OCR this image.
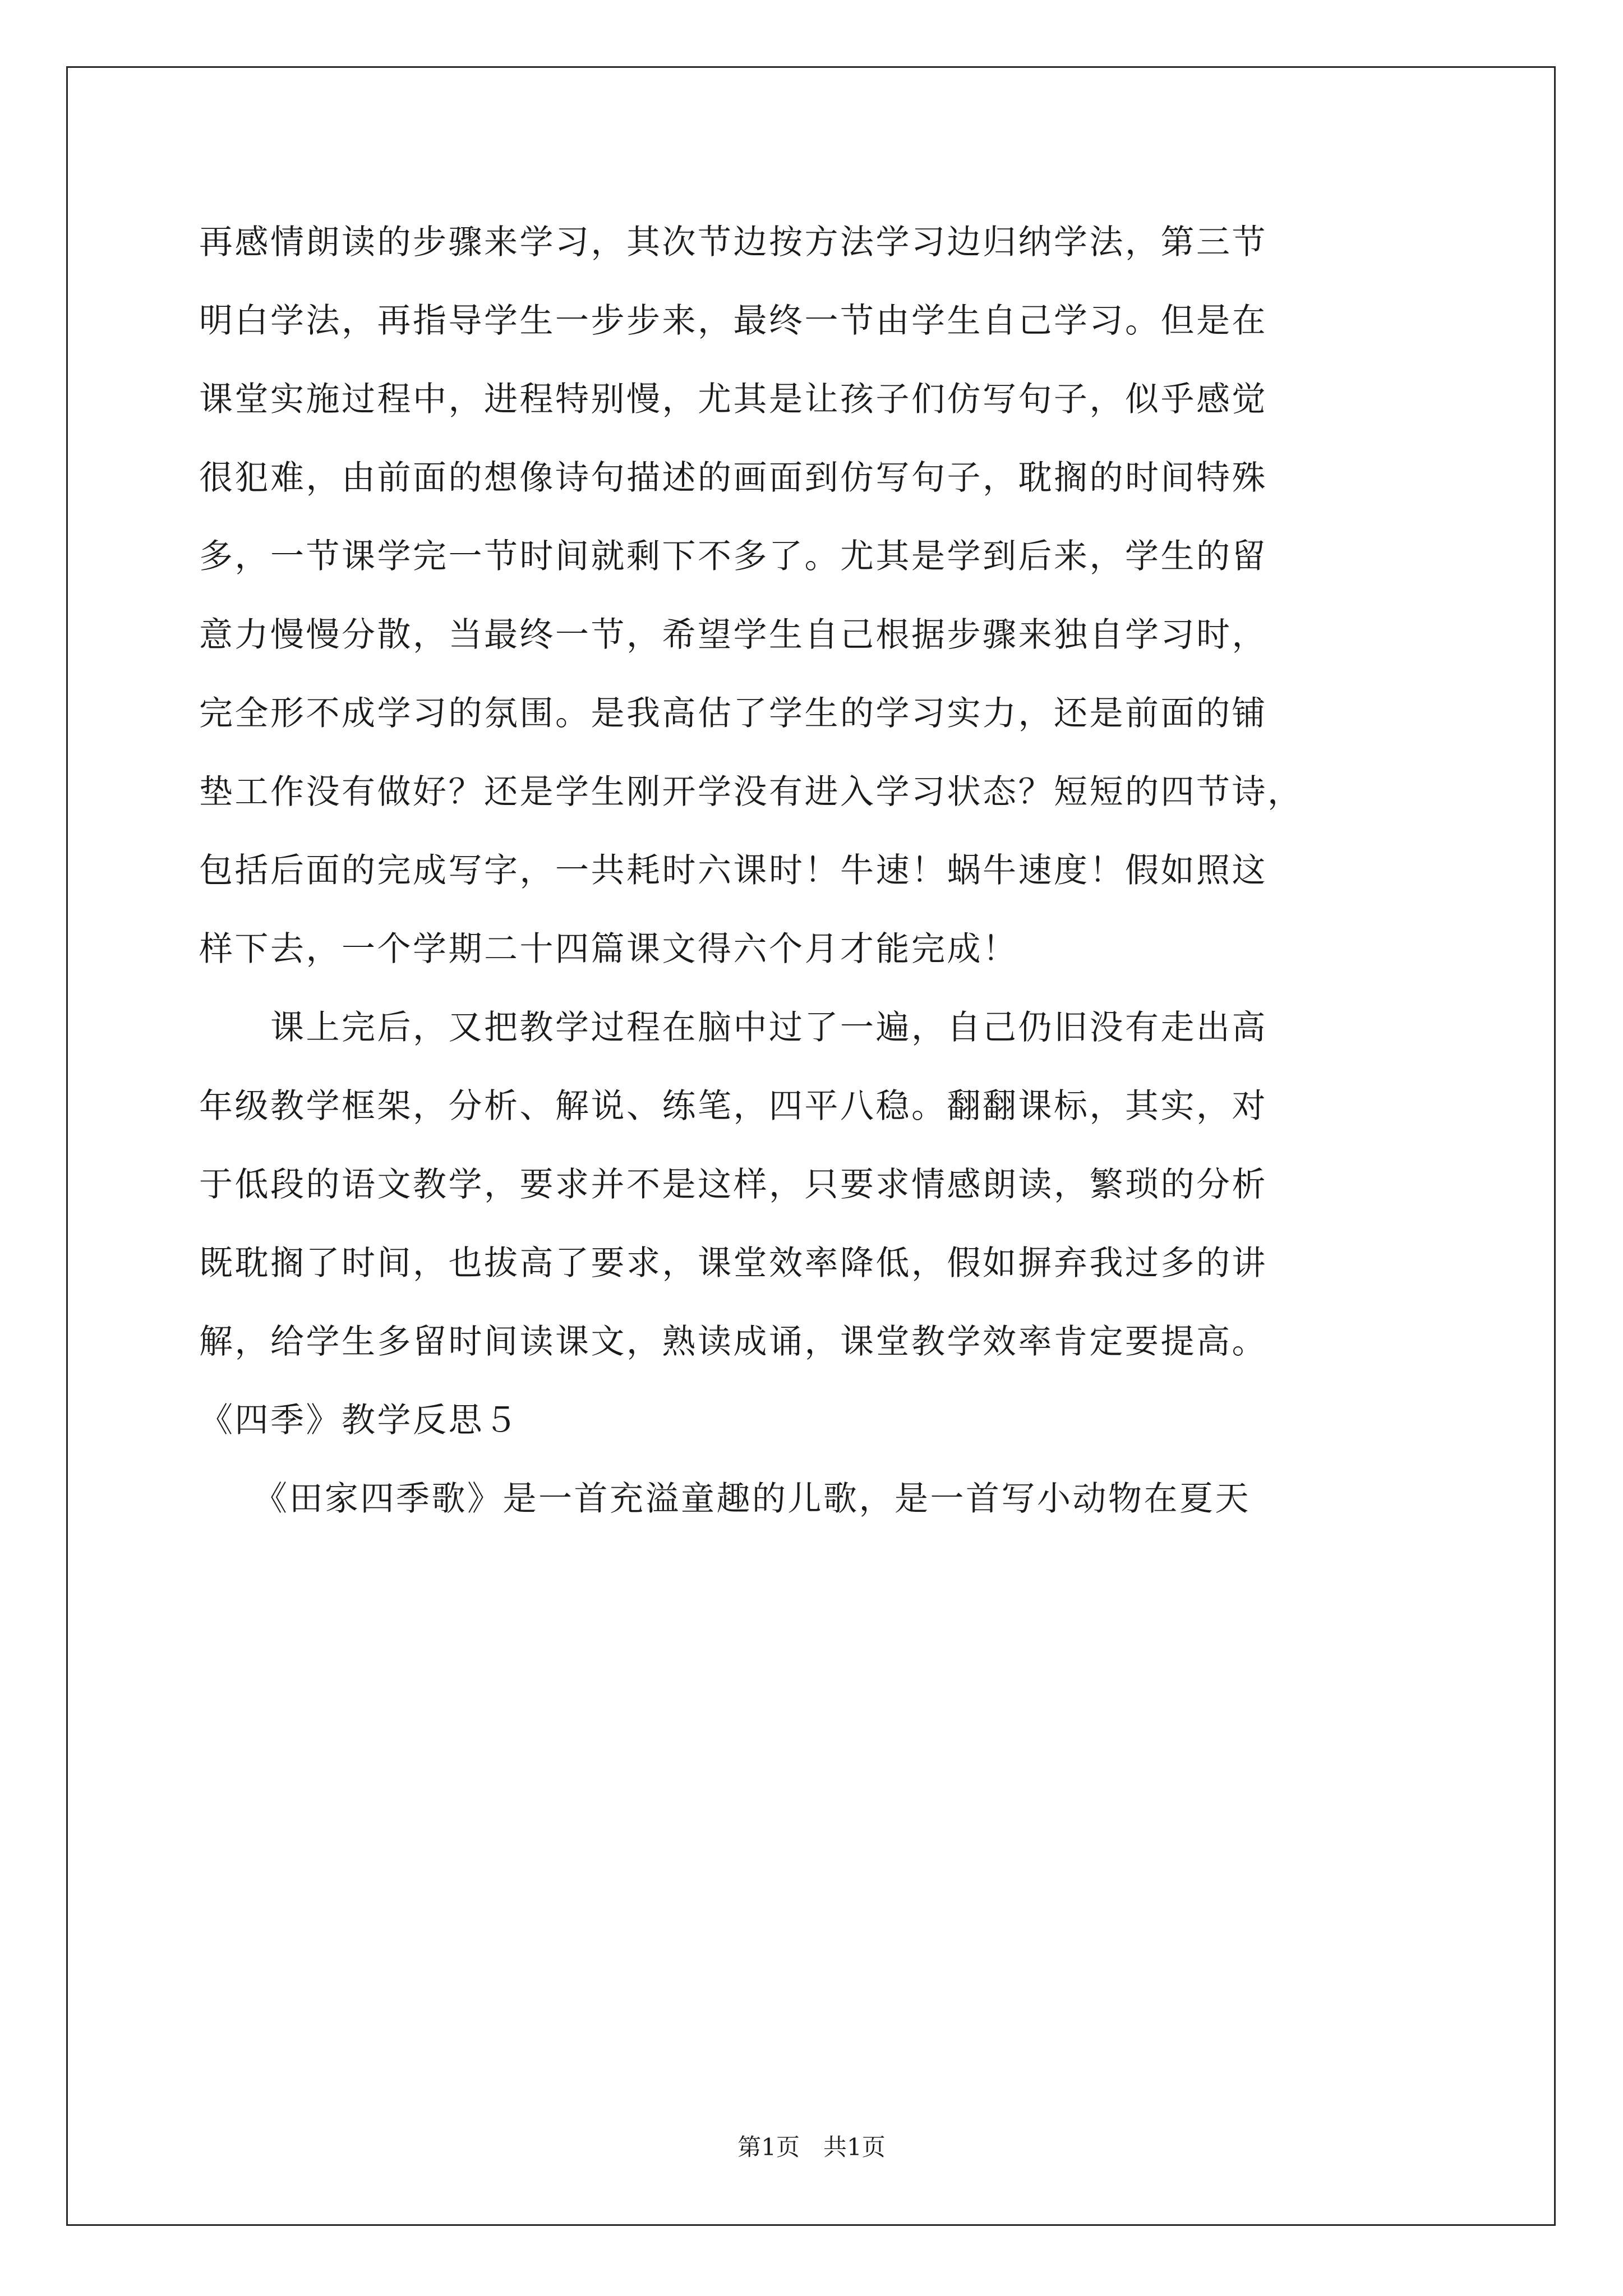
再感情朗读的步骤来学习，其次节边按方法学习边归纳学法，第三节
明白学法，再指导学生一步步来，最终一节由学生自己学习。但是在
课堂实施过程中，进程特别慢，尤其是让孩子们仿写句子，似乎感觉
很犯难，由前面的想像诗句描述的画面到仿写句子，耽搁的时间特殊
多，一节课学完一节时间就剩下不多了。尤其是学到后来，学生的留
意力慢慢分散，当最终一节，希望学生自己根据步骤来独自学习时，
完全形不成学习的氛围。是我高估了学生的学习实力，还是前面的铺
垫工作没有做好？还是学生刚开学没有进入学习状态？短短的四节诗，
包括后面的完成写字，一共耗时六课时！牛速！蜗牛速度！假如照这
样下去，一个学期二十四篇课文得六个月才能完成！
　　课上完后，又把教学过程在脑中过了一遍，自己仍旧没有走出高
年级教学框架，分析、解说、练笔，四平八稳。翻翻课标，其实，对
于低段的语文教学，要求并不是这样，只要求情感朗读，繁琐的分析
既耽搁了时间，也拔高了要求，课堂效率降低，假如摒弃我过多的讲
解，给学生多留时间读课文，熟读成诵，课堂教学效率肯定要提高。
《四季》教学反思５
　　《田家四季歌》是一首充溢童趣的儿歌，是一首写小动物在夏天
第1页　共1页
